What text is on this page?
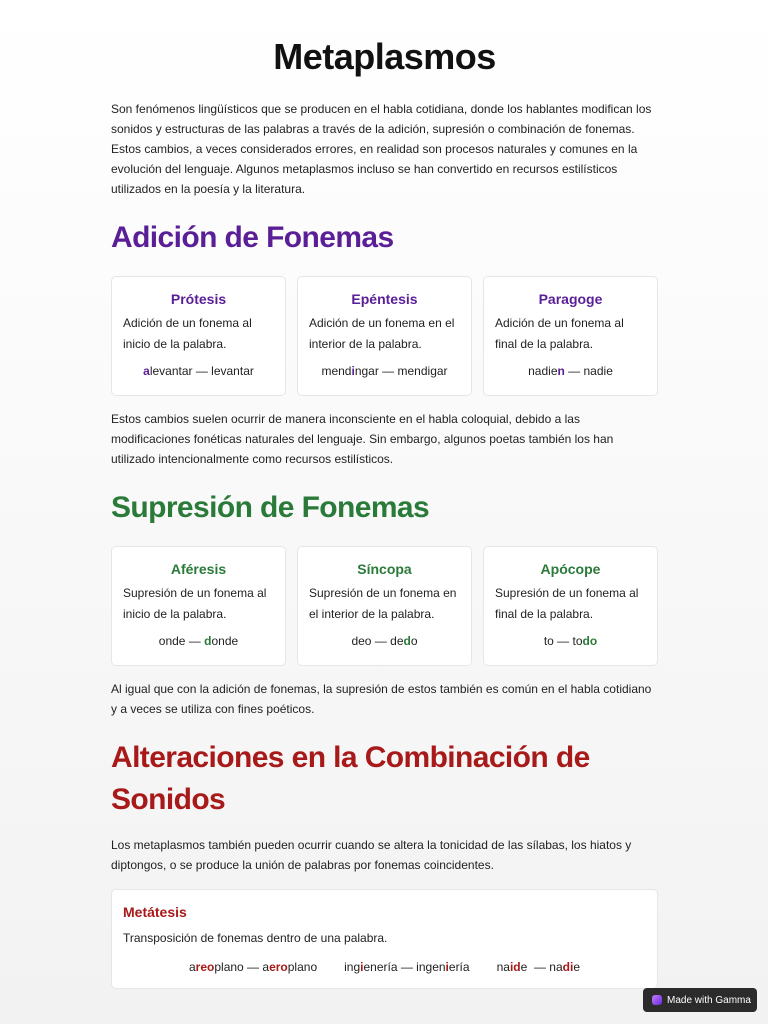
Metaplasmos

Son fenómenos lingüísticos que se producen en el habla cotidiana, donde los hablantes modifican los sonidos y estructuras de las palabras a través de la adición, supresión o combinación de fonemas. Estos cambios, a veces considerados errores, en realidad son procesos naturales y comunes en la evolución del lenguaje. Algunos metaplasmos incluso se han convertido en recursos estilísticos utilizados en la poesía y la literatura.

Adición de Fonemas
Prótesis
Adición de un fonema al inicio de la palabra.
alevantar — levantar
Epéntesis
Adición de un fonema en el interior de la palabra.
mendingar — mendigar
Paragoge
Adición de un fonema al final de la palabra.
nadien — nadie

Estos cambios suelen ocurrir de manera inconsciente en el habla coloquial, debido a las modificaciones fonéticas naturales del lenguaje. Sin embargo, algunos poetas también los han utilizado intencionalmente como recursos estilísticos.

Supresión de Fonemas
Aféresis
Supresión de un fonema al inicio de la palabra.
onde — donde
Síncopa
Supresión de un fonema en el interior de la palabra.
deo — dedo
Apócope
Supresión de un fonema al final de la palabra.
to — todo

Al igual que con la adición de fonemas, la supresión de estos también es común en el habla cotidiano y a veces se utiliza con fines poéticos.

Alteraciones en la Combinación de Sonidos

Los metaplasmos también pueden ocurrir cuando se altera la tonicidad de las sílabas, los hiatos y diptongos, o se produce la unión de palabras por fonemas coincidentes.

Metátesis
Transposición de fonemas dentro de una palabra.
areoplano — aeroplano ingienería — ingeniería naide  — nadie
Made with Gamma
